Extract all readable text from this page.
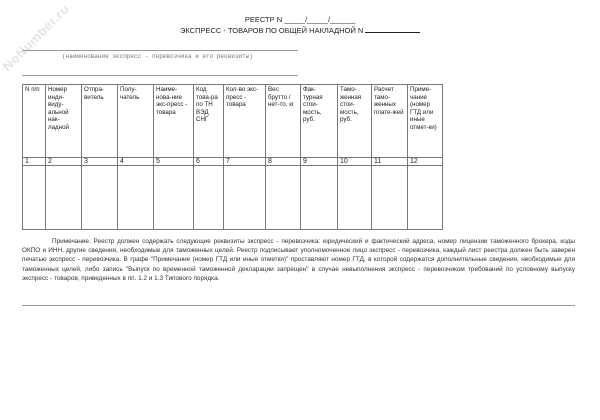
NoNumber.ru	РЕЕСТР N _____/_____/______
ЭКСПРЕСС - ТОВАРОВ ПО ОБЩЕЙ НАКЛАДНОЙ N
(наименование экспресс - перевозчика и его реквизиты)
N п/п	Номер инди-виду-альной нак-ладной	Отпра-витель	Полу-чатель	Наиме-нова-ние экс-пресс - товара	Код това-ра по ТН ВЭД СНГ	Кол-во экс-пресс - товара	Вес брутто / нет-то, кг	Фак-турная стои-мость, руб.	Тамо-женная стои-мость, руб.	Расчет тамо-женных плате-жей	Приме-чание (номер ГТД или иные отмет-ки)
1	2	3	4	5	6	7	8	9	10	11	12

Примечание. Реестр должен содержать следующие реквизиты экспресс - перевозчика: юридический и фактический адреса, номер лицензии таможенного брокера, коды ОКПО и ИНН, другие сведения, необходимые для таможенных целей. Реестр подписывает уполномоченное лицо экспресс - перевозчика, каждый лист реестра должен быть заверен печатью экспресс - перевозчика. В графе "Примечание (номер ГТД или иные отметки)" проставляют номер ГТД, в которой содержатся дополнительные сведения, необходимые для таможенных целей, либо запись "Выпуск по временной таможенной декларации запрещен" в случае невыполнения экспресс - перевозчиком требований по условному выпуску экспресс - товаров, приведенных в пп. 1.2 и 1.3 Типового порядка.
